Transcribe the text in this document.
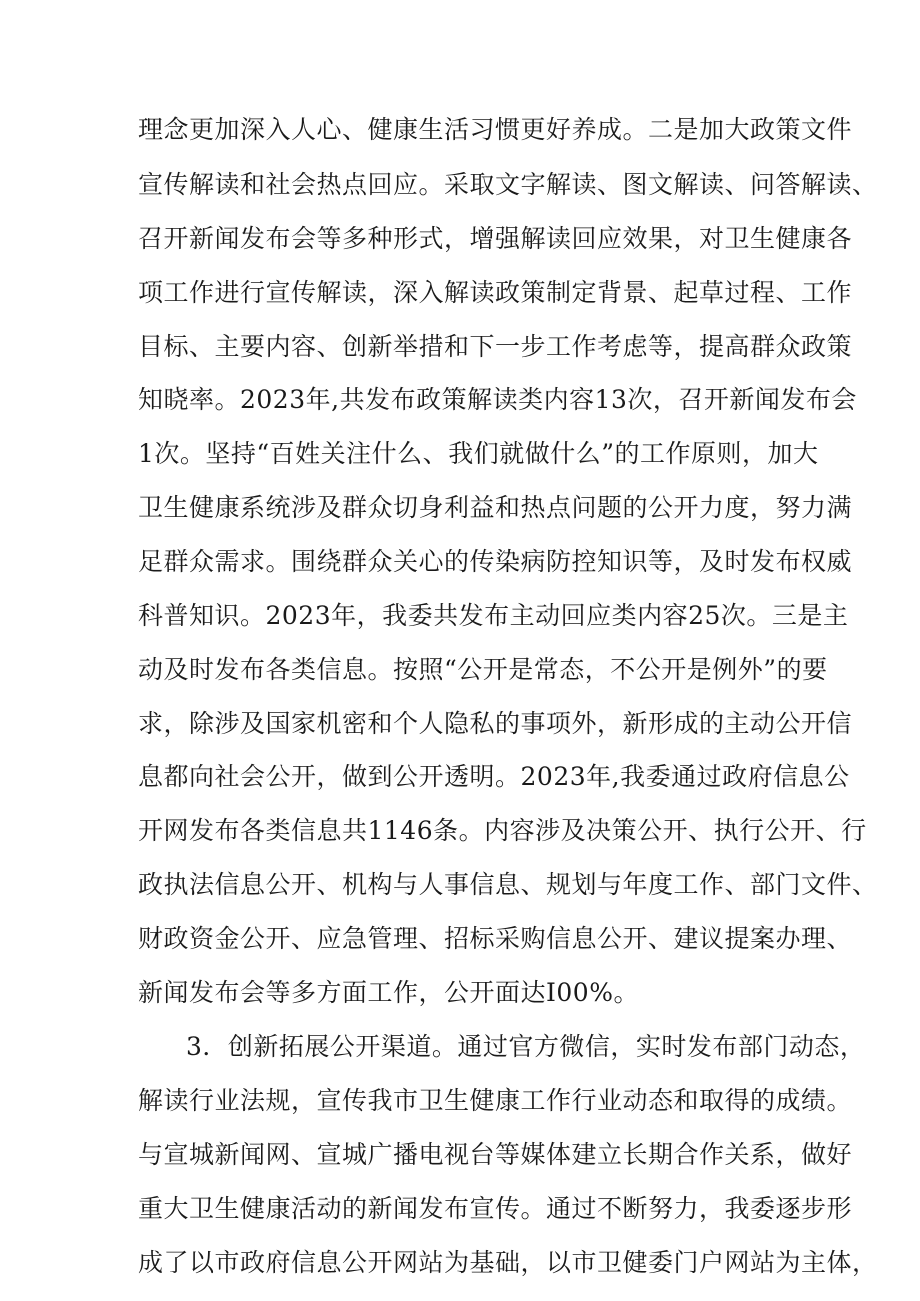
理念更加深入人心、健康生活习惯更好养成。二是加大政策文件
宣传解读和社会热点回应。采取文字解读、图文解读、问答解读、
召开新闻发布会等多种形式，增强解读回应效果，对卫生健康各
项工作进行宣传解读，深入解读政策制定背景、起草过程、工作
目标、主要内容、创新举措和下一步工作考虑等，提高群众政策
知晓率。2023年,共发布政策解读类内容13次，召开新闻发布会
1次。坚持“百姓关注什么、我们就做什么”的工作原则，加大
卫生健康系统涉及群众切身利益和热点问题的公开力度，努力满
足群众需求。围绕群众关心的传染病防控知识等，及时发布权威
科普知识。2023年，我委共发布主动回应类内容25次。三是主
动及时发布各类信息。按照“公开是常态，不公开是例外”的要
求，除涉及国家机密和个人隐私的事项外，新形成的主动公开信
息都向社会公开，做到公开透明。2023年,我委通过政府信息公
开网发布各类信息共1146条。内容涉及决策公开、执行公开、行
政执法信息公开、机构与人事信息、规划与年度工作、部门文件、
财政资金公开、应急管理、招标采购信息公开、建议提案办理、
新闻发布会等多方面工作，公开面达I00%。
3．创新拓展公开渠道。通过官方微信，实时发布部门动态，
解读行业法规，宣传我市卫生健康工作行业动态和取得的成绩。
与宣城新闻网、宣城广播电视台等媒体建立长期合作关系，做好
重大卫生健康活动的新闻发布宣传。通过不断努力，我委逐步形
成了以市政府信息公开网站为基础，以市卫健委门户网站为主体，
